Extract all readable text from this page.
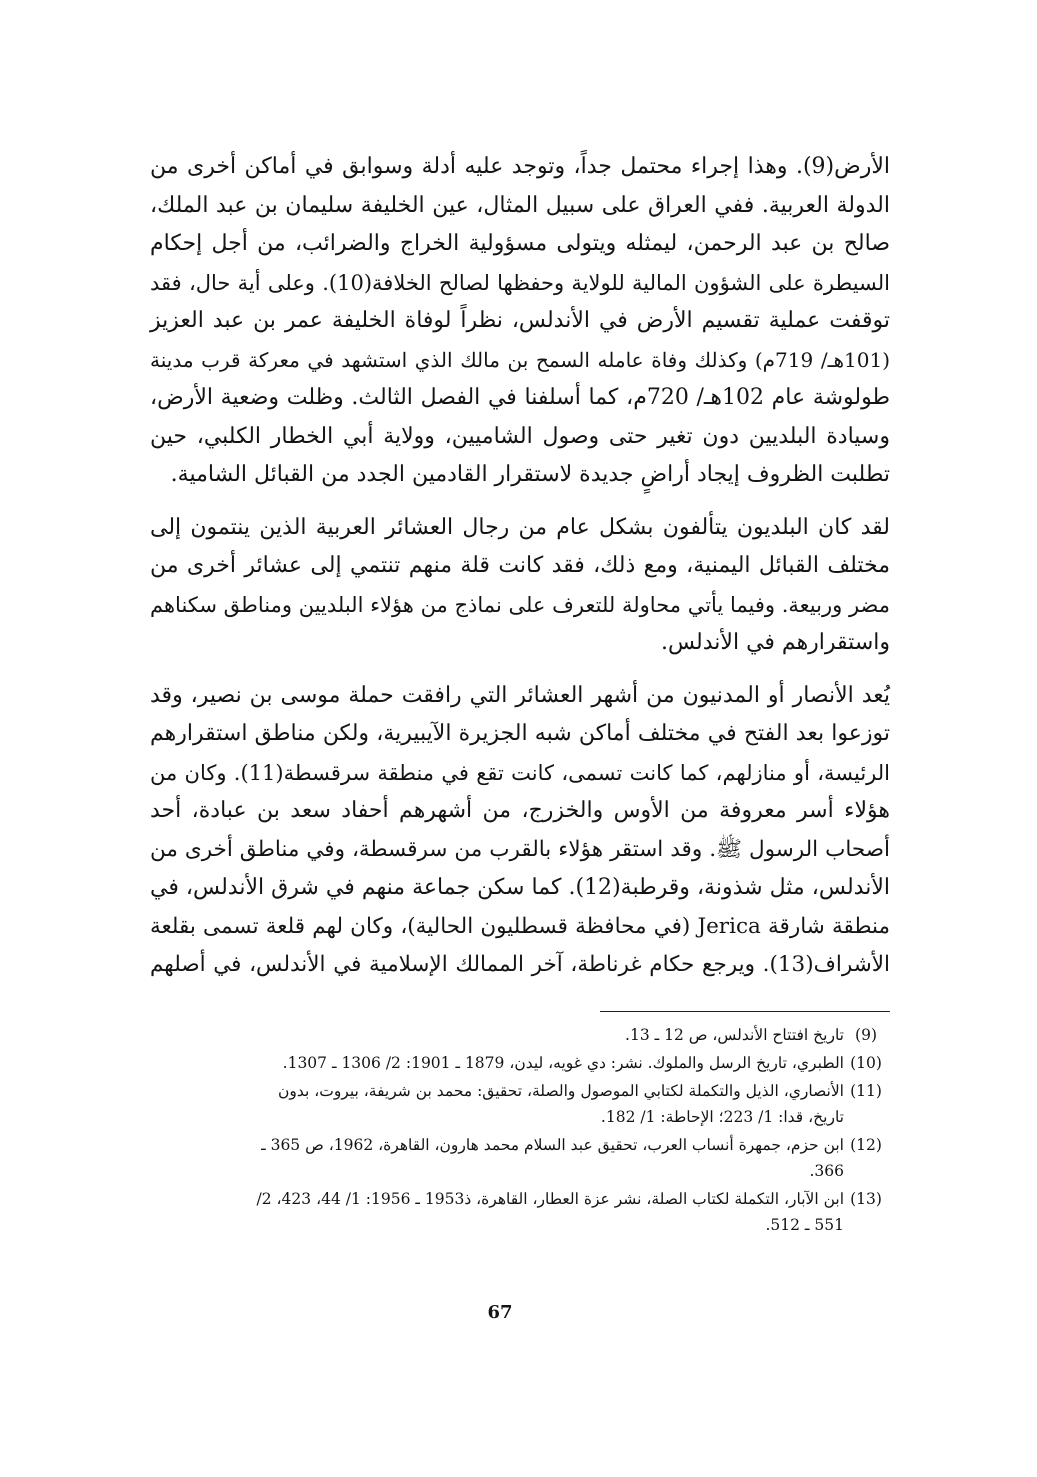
الأرض(9). وهذا إجراء محتمل جداً، وتوجد عليه أدلة وسوابق في أماكن أخرى من
الدولة العربية. ففي العراق على سبيل المثال، عين الخليفة سليمان بن عبد الملك،
صالح بن عبد الرحمن، ليمثله ويتولى مسؤولية الخراج والضرائب، من أجل إحكام
السيطرة على الشؤون المالية للولاية وحفظها لصالح الخلافة(10). وعلى أية حال، فقد
توقفت عملية تقسيم الأرض في الأندلس، نظراً لوفاة الخليفة عمر بن عبد العزيز
(101هـ/ 719م) وكذلك وفاة عامله السمح بن مالك الذي استشهد في معركة قرب مدينة
طولوشة عام 102هـ/ 720م، كما أسلفنا في الفصل الثالث. وظلت وضعية الأرض،
وسيادة البلديين دون تغير حتى وصول الشاميين، وولاية أبي الخطار الكلبي، حين
تطلبت الظروف إيجاد أراضٍ جديدة لاستقرار القادمين الجدد من القبائل الشامية.
لقد كان البلديون يتألفون بشكل عام من رجال العشائر العربية الذين ينتمون إلى
مختلف القبائل اليمنية، ومع ذلك، فقد كانت قلة منهم تنتمي إلى عشائر أخرى من
مضر وربيعة. وفيما يأتي محاولة للتعرف على نماذج من هؤلاء البلديين ومناطق سكناهم
واستقرارهم في الأندلس.
يُعد الأنصار أو المدنيون من أشهر العشائر التي رافقت حملة موسى بن نصير، وقد
توزعوا بعد الفتح في مختلف أماكن شبه الجزيرة الآيبيرية، ولكن مناطق استقرارهم
الرئيسة، أو منازلهم، كما كانت تسمى، كانت تقع في منطقة سرقسطة(11). وكان من
هؤلاء أسر معروفة من الأوس والخزرج، من أشهرهم أحفاد سعد بن عبادة، أحد
أصحاب الرسول ﷺ. وقد استقر هؤلاء بالقرب من سرقسطة، وفي مناطق أخرى من
الأندلس، مثل شذونة، وقرطبة(12). كما سكن جماعة منهم في شرق الأندلس، في
منطقة شارقة Jerica (في محافظة قسطليون الحالية)، وكان لهم قلعة تسمى بقلعة
الأشراف(13). ويرجع حكام غرناطة، آخر الممالك الإسلامية في الأندلس، في أصلهم
(9)
تاريخ افتتاح الأندلس، ص 12 ـ 13.
(10)
الطبري، تاريخ الرسل والملوك. نشر: دي غويه، ليدن، 1879 ـ 1901: 2/ 1306 ـ 1307.
(11)
الأنصاري، الذيل والتكملة لكتابي الموصول والصلة، تحقيق: محمد بن شريفة، بيروت، بدون
تاريخ، قدا: 1/ 223؛ الإحاطة: 1/ 182.
(12)
ابن حزم، جمهرة أنساب العرب، تحقيق عبد السلام محمد هارون، القاهرة، 1962، ص 365 ـ
366.
(13)
ابن الآبار، التكملة لكتاب الصلة، نشر عزة العطار، القاهرة، ذ1953 ـ 1956: 1/ 44، 423، 2/
551 ـ 512.
67
